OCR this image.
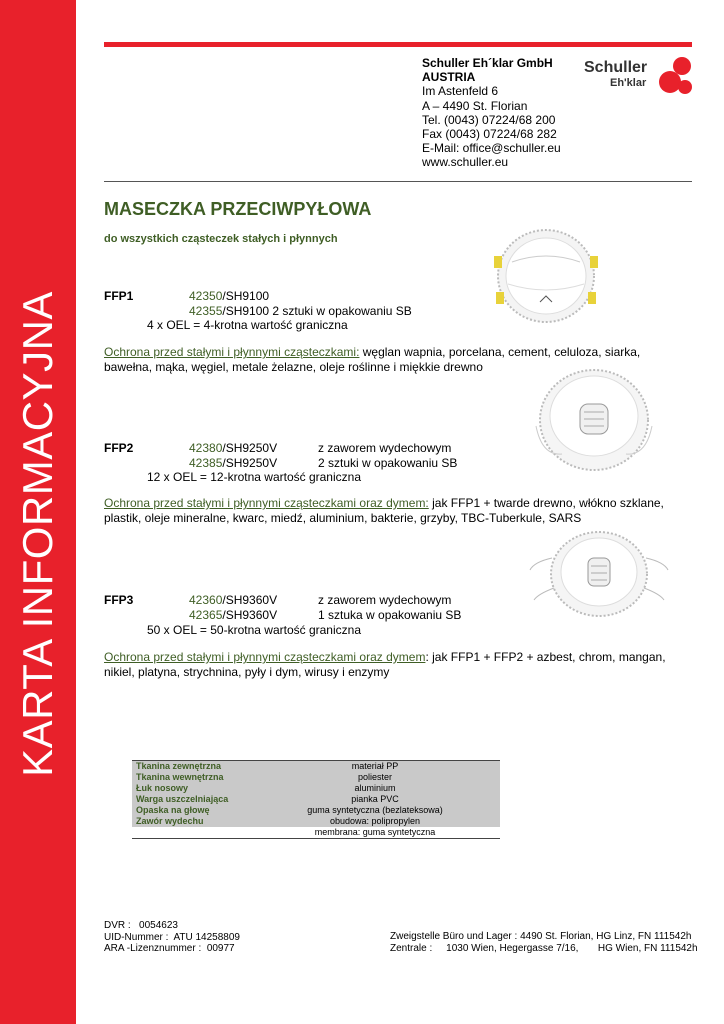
KARTA INFORMACYJNA
Schuller Eh´klar GmbH
AUSTRIA
Im Astenfeld 6
A – 4490 St. Florian
Tel. (0043) 07224/68 200
Fax (0043) 07224/68 282
E-Mail: office@schuller.eu
www.schuller.eu
Schuller
Eh'klar
MASECZKA PRZECIWPYŁOWA
do wszystkich cząsteczek stałych i płynnych
FFP1	42350/SH9100
42355/SH9100 2 sztuki w opakowaniu SB
4 x OEL = 4-krotna wartość graniczna
Ochrona przed stałymi i płynnymi cząsteczkami: węglan wapnia, porcelana, cement, celuloza, siarka, bawełna, mąka, węgiel, metale żelazne, oleje roślinne i miękkie drewno
FFP2	42380/SH9250V	z zaworem wydechowym
42385/SH9250V	2 sztuki w opakowaniu SB
12 x OEL = 12-krotna wartość graniczna
Ochrona przed stałymi i płynnymi cząsteczkami oraz dymem: jak FFP1 + twarde drewno, włókno szklane, plastik, oleje mineralne, kwarc, miedź, aluminium, bakterie, grzyby, TBC-Tuberkule, SARS
FFP3	42360/SH9360V	z zaworem wydechowym
42365/SH9360V	1 sztuka w opakowaniu SB
50 x OEL = 50-krotna wartość graniczna
Ochrona przed stałymi i płynnymi cząsteczkami oraz dymem: jak FFP1 + FFP2 + azbest, chrom, mangan, nikiel, platyna, strychnina, pyły i dym, wirusy i enzymy
Tkanina zewnętrzna	materiał PP
Tkanina wewnętrzna	poliester
Łuk nosowy	aluminium
Warga uszczelniająca	pianka PVC
Opaska na głowę	guma syntetyczna (bezlateksowa)
Zawór wydechu	obudowa: polipropylen
membrana: guma syntetyczna
DVR :   0054623
UID-Nummer :  ATU 14258809
ARA -Lizenznummer :  00977
Zweigstelle Büro und Lager : 4490 St. Florian, HG Linz, FN 111542h
Zentrale :     1030 Wien, Hegergasse 7/16,       HG Wien, FN 111542h
